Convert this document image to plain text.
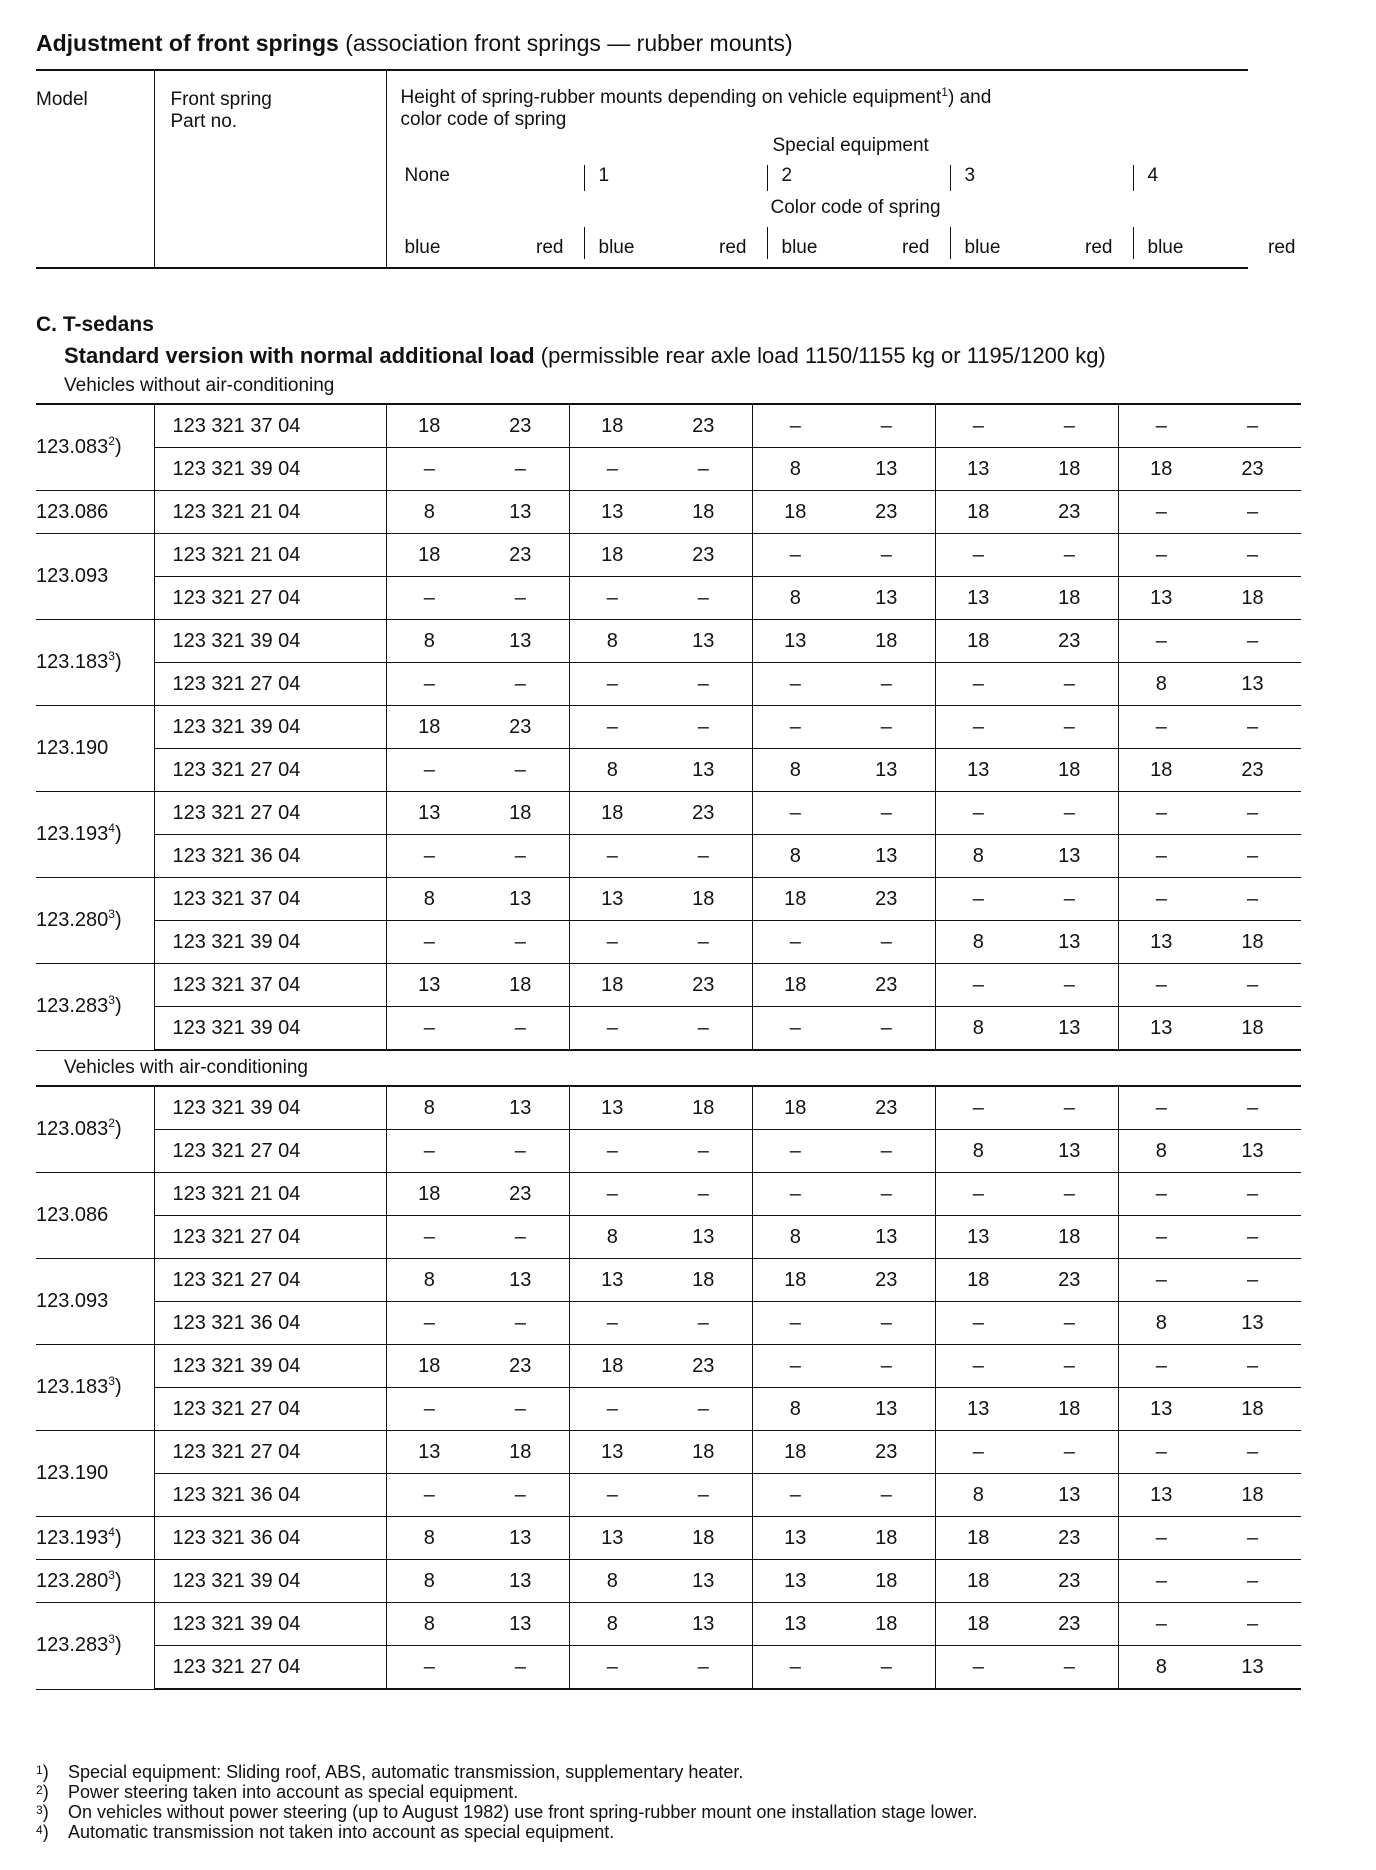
Adjustment of front springs (association front springs — rubber mounts)
Model	Front spring
Part no.

Height of spring-rubber mounts depending on vehicle equipment$^1$) and
color code of spring
Special equipment
None	1	2	3	4
Color code of spring
blue	red blue	red blue	red blue	red blue	red
C. T-sedans
Standard version with normal additional load (permissible rear axle load 1150/1155 kg or 1195/1200 kg)
Vehicles without air-conditioning
123.083$^2$)	123 321 37 04	18	23	18	23	–	–	–	–	–	–
	123 321 39 04	–	–	–	–	8	13	13	18	18	23
123.086	123 321 21 04	8	13	13	18	18	23	18	23	–	–
123.093	123 321 21 04	18	23	18	23	–	–	–	–	–	–
	123 321 27 04	–	–	–	–	8	13	13	18	13	18
123.183$^3$)	123 321 39 04	8	13	8	13	13	18	18	23	–	–
	123 321 27 04	–	–	–	–	–	–	–	–	8	13
123.190	123 321 39 04	18	23	–	–	–	–	–	–	–	–
	123 321 27 04	–	–	8	13	8	13	13	18	18	23
123.193$^4$)	123 321 27 04	13	18	18	23	–	–	–	–	–	–
	123 321 36 04	–	–	–	–	8	13	8	13	–	–
123.280$^3$)	123 321 37 04	8	13	13	18	18	23	–	–	–	–
	123 321 39 04	–	–	–	–	–	–	8	13	13	18
123.283$^3$)	123 321 37 04	13	18	18	23	18	23	–	–	–	–
	123 321 39 04	–	–	–	–	–	–	8	13	13	18
Vehicles with air-conditioning
123.083$^2$)	123 321 39 04	8	13	13	18	18	23	–	–	–	–
	123 321 27 04	–	–	–	–	–	–	8	13	8	13
123.086	123 321 21 04	18	23	–	–	–	–	–	–	–	–
	123 321 27 04	–	–	8	13	8	13	13	18	–	–
123.093	123 321 27 04	8	13	13	18	18	23	18	23	–	–
	123 321 36 04	–	–	–	–	–	–	–	–	8	13
123.183$^3$)	123 321 39 04	18	23	18	23	–	–	–	–	–	–
	123 321 27 04	–	–	–	–	8	13	13	18	13	18
123.190	123 321 27 04	13	18	13	18	18	23	–	–	–	–
	123 321 36 04	–	–	–	–	–	–	8	13	13	18
123.193$^4$)	123 321 36 04	8	13	13	18	13	18	18	23	–	–
123.280$^3$)	123 321 39 04	8	13	8	13	13	18	18	23	–	–
123.283$^3$)	123 321 39 04	8	13	8	13	13	18	18	23	–	–
	123 321 27 04	–	–	–	–	–	–	–	–	8	13
$^1$)	Special equipment: Sliding roof, ABS, automatic transmission, supplementary heater.
$^2$)	Power steering taken into account as special equipment.
$^3$)	On vehicles without power steering (up to August 1982) use front spring-rubber mount one installation stage lower.
$^4$)	Automatic transmission not taken into account as special equipment.
